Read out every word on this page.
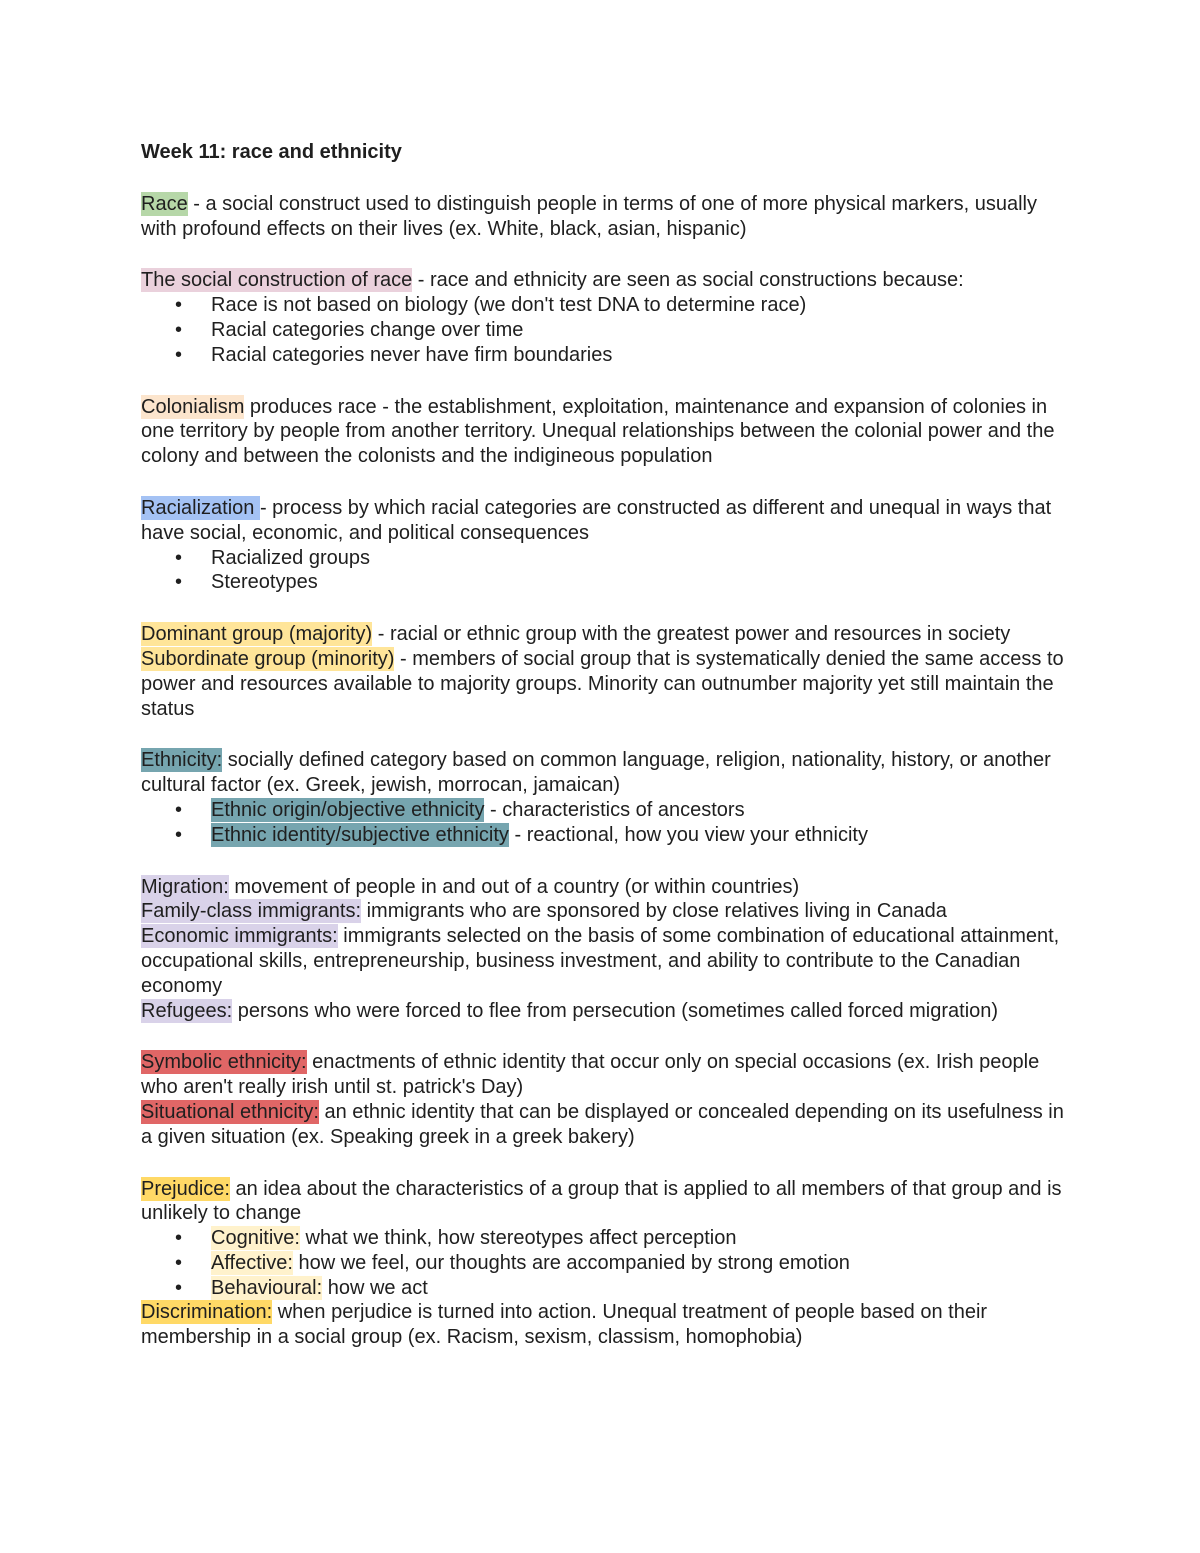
Week 11: race and ethnicity

Race - a social construct used to distinguish people in terms of one of more physical markers, usually with profound effects on their lives (ex. White, black, asian, hispanic)

The social construction of race - race and ethnicity are seen as social constructions because:

• Race is not based on biology (we don't test DNA to determine race)
• Racial categories change over time
• Racial categories never have firm boundaries

Colonialism produces race - the establishment, exploitation, maintenance and expansion of colonies in one territory by people from another territory. Unequal relationships between the colonial power and the colony and between the colonists and the indigineous population

Racialization - process by which racial categories are constructed as different and unequal in ways that have social, economic, and political consequences

• Racialized groups
• Stereotypes

Dominant group (majority) - racial or ethnic group with the greatest power and resources in society

Subordinate group (minority) - members of social group that is systematically denied the same access to power and resources available to majority groups. Minority can outnumber majority yet still maintain the status

Ethnicity: socially defined category based on common language, religion, nationality, history, or another cultural factor (ex. Greek, jewish, morrocan, jamaican)

• Ethnic origin/objective ethnicity - characteristics of ancestors
• Ethnic identity/subjective ethnicity - reactional, how you view your ethnicity

Migration: movement of people in and out of a country (or within countries)

Family-class immigrants: immigrants who are sponsored by close relatives living in Canada

Economic immigrants: immigrants selected on the basis of some combination of educational attainment, occupational skills, entrepreneurship, business investment, and ability to contribute to the Canadian economy

Refugees: persons who were forced to flee from persecution (sometimes called forced migration)

Symbolic ethnicity: enactments of ethnic identity that occur only on special occasions (ex. Irish people who aren't really irish until st. patrick's Day)

Situational ethnicity: an ethnic identity that can be displayed or concealed depending on its usefulness in a given situation (ex. Speaking greek in a greek bakery)

Prejudice: an idea about the characteristics of a group that is applied to all members of that group and is unlikely to change

• Cognitive: what we think, how stereotypes affect perception
• Affective: how we feel, our thoughts are accompanied by strong emotion
• Behavioural: how we act

Discrimination: when perjudice is turned into action. Unequal treatment of people based on their membership in a social group (ex. Racism, sexism, classism, homophobia)
